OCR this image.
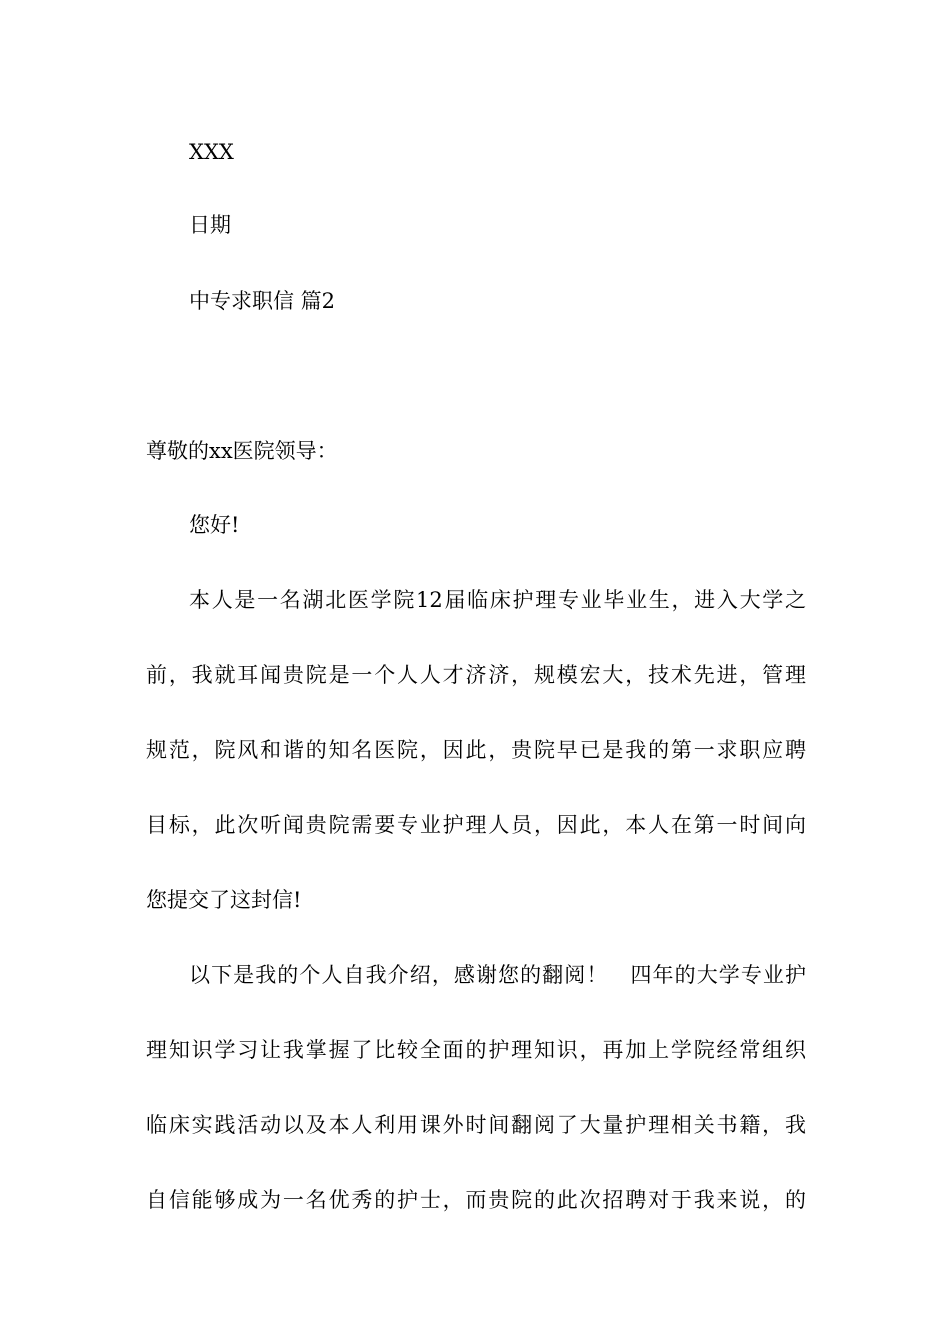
XXX

日期

中专求职信 篇2

尊敬的xx医院领导：

您好!

本人是一名湖北医学院12届临床护理专业毕业生，进入大学之

前，我就耳闻贵院是一个人人才济济，规模宏大，技术先进，管理

规范，院风和谐的知名医院，因此，贵院早已是我的第一求职应聘

目标，此次听闻贵院需要专业护理人员，因此，本人在第一时间向

您提交了这封信!

以下是我的个人自我介绍，感谢您的翻阅！　四年的大学专业护

理知识学习让我掌握了比较全面的护理知识，再加上学院经常组织

临床实践活动以及本人利用课外时间翻阅了大量护理相关书籍，我

自信能够成为一名优秀的护士，而贵院的此次招聘对于我来说，的
